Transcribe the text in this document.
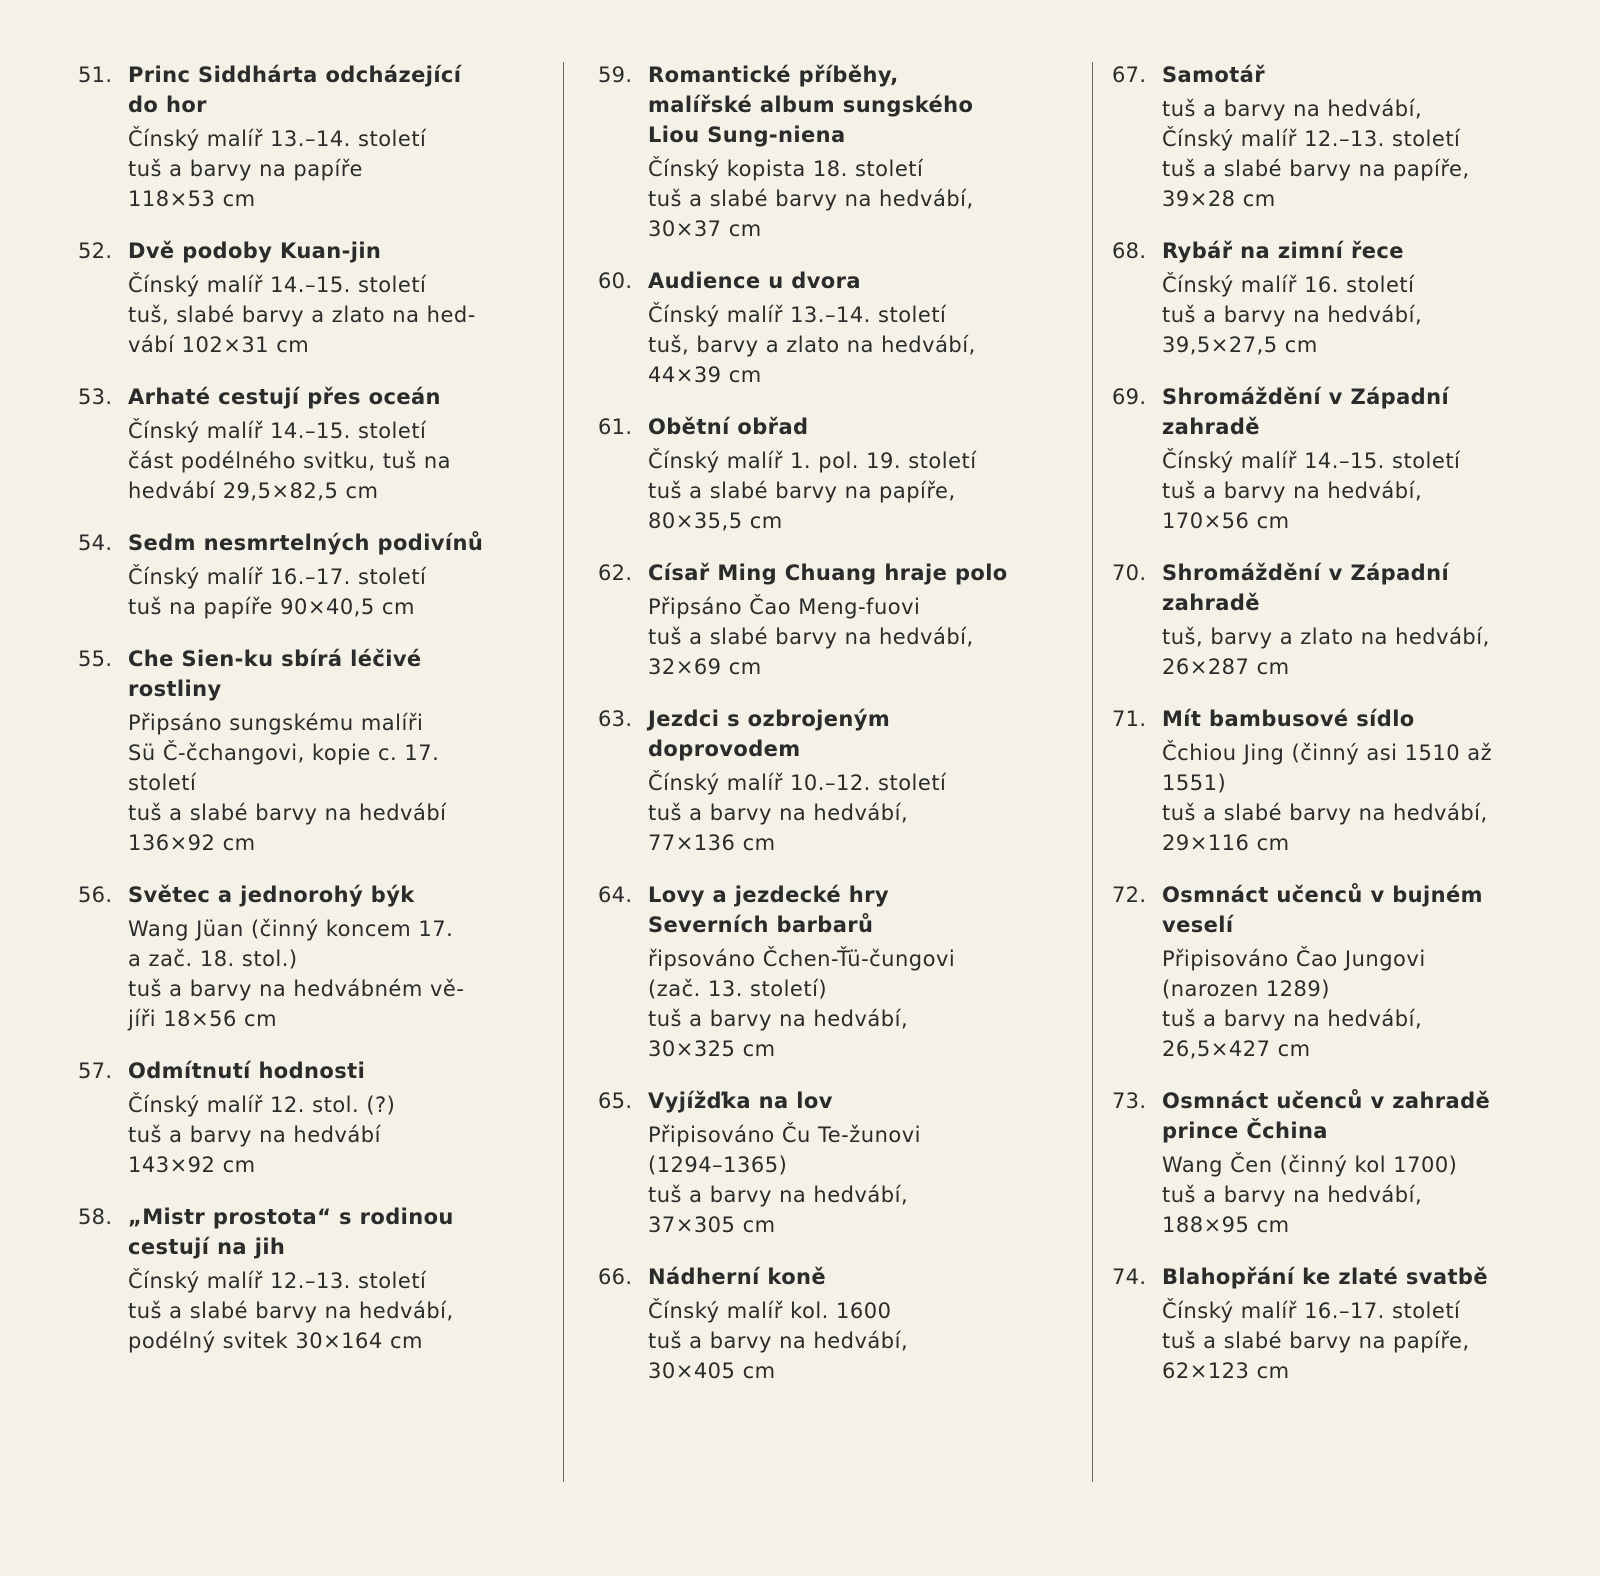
51. Princ Siddhárta odcházející do hor
Čínský malíř 13.–14. století
tuš a barvy na papíře
118×53 cm
52. Dvě podoby Kuan-jin
Čínský malíř 14.–15. století
tuš, slabé barvy a zlato na hed-
vábí 102×31 cm
53. Arhaté cestují přes oceán
Čínský malíř 14.–15. století
část podélného svitku, tuš na
hedvábí 29,5×82,5 cm
54. Sedm nesmrtelných podivínů
Čínský malíř 16.–17. století
tuš na papíře 90×40,5 cm
55. Che Sien-ku sbírá léčivé rostliny
Připsáno sungskému malíři
Sü Č-čchangovi, kopie c. 17.
století
tuš a slabé barvy na hedvábí
136×92 cm
56. Světec a jednorohý býk
Wang Jüan (činný koncem 17.
a zač. 18. stol.)
tuš a barvy na hedvábném vě-
jíři 18×56 cm
57. Odmítnutí hodnosti
Čínský malíř 12. stol. (?)
tuš a barvy na hedvábí
143×92 cm
58. „Mistr prostota“ s rodinou cestují na jih
Čínský malíř 12.–13. století
tuš a slabé barvy na hedvábí,
podélný svitek 30×164 cm
59. Romantické příběhy, malířské album sungského Liou Sung-niena
Čínský kopista 18. století
tuš a slabé barvy na hedvábí,
30×37 cm
60. Audience u dvora
Čínský malíř 13.–14. století
tuš, barvy a zlato na hedvábí,
44×39 cm
61. Obětní obřad
Čínský malíř 1. pol. 19. století
tuš a slabé barvy na papíře,
80×35,5 cm
62. Císař Ming Chuang hraje polo
Připsáno Čao Meng-fuovi
tuš a slabé barvy na hedvábí,
32×69 cm
63. Jezdci s ozbrojeným doprovodem
Čínský malíř 10.–12. století
tuš a barvy na hedvábí,
77×136 cm
64. Lovy a jezdecké hry Severních barbarů
řipsováno Čchen-Ťü-čungovi
(zač. 13. století)
tuš a barvy na hedvábí,
30×325 cm
65. Vyjížďka na lov
Připisováno Ču Te-žunovi
(1294–1365)
tuš a barvy na hedvábí,
37×305 cm
66. Nádherní koně
Čínský malíř kol. 1600
tuš a barvy na hedvábí,
30×405 cm
67. Samotář
tuš a barvy na hedvábí,
Čínský malíř 12.–13. století
tuš a slabé barvy na papíře,
39×28 cm
68. Rybář na zimní řece
Čínský malíř 16. století
tuš a barvy na hedvábí,
39,5×27,5 cm
69. Shromáždění v Západní zahradě
Čínský malíř 14.–15. století
tuš a barvy na hedvábí,
170×56 cm
70. Shromáždění v Západní zahradě
tuš, barvy a zlato na hedvábí,
26×287 cm
71. Mít bambusové sídlo
Čchiou Jing (činný asi 1510 až
1551)
tuš a slabé barvy na hedvábí,
29×116 cm
72. Osmnáct učenců v bujném veselí
Připisováno Čao Jungovi
(narozen 1289)
tuš a barvy na hedvábí,
26,5×427 cm
73. Osmnáct učenců v zahradě prince Čchina
Wang Čen (činný kol 1700)
tuš a barvy na hedvábí,
188×95 cm
74. Blahopřání ke zlaté svatbě
Čínský malíř 16.–17. století
tuš a slabé barvy na papíře,
62×123 cm
